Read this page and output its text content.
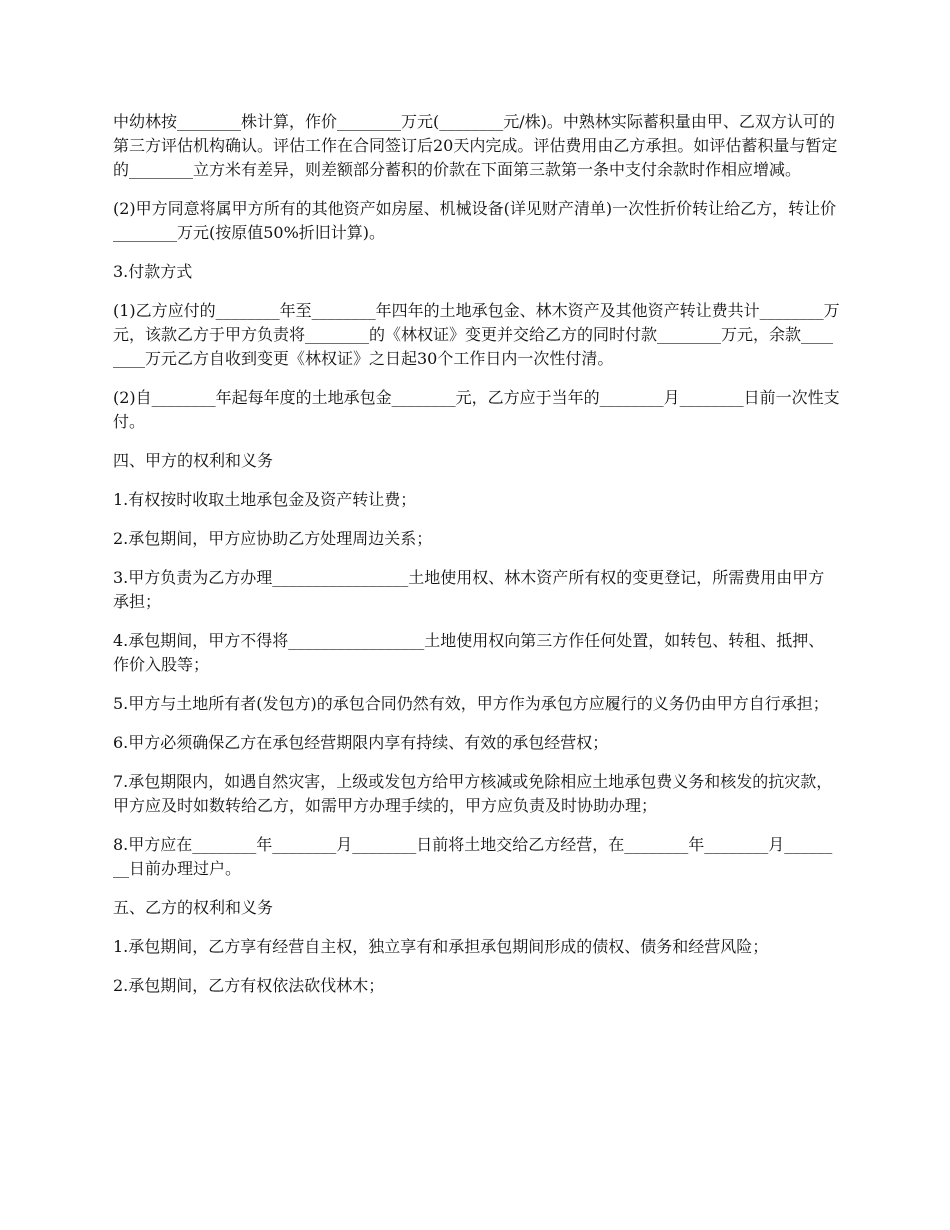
中幼林按________株计算，作价________万元(________元/株)。中熟林实际蓄积量由甲、乙双方认可的第三方评估机构确认。评估工作在合同签订后20天内完成。评估费用由乙方承担。如评估蓄积量与暂定的________立方米有差异，则差额部分蓄积的价款在下面第三款第一条中支付余款时作相应增减。

(2)甲方同意将属甲方所有的其他资产如房屋、机械设备(详见财产清单)一次性折价转让给乙方，转让价________万元(按原值50%折旧计算)。

3.付款方式

(1)乙方应付的________年至________年四年的土地承包金、林木资产及其他资产转让费共计________万元，该款乙方于甲方负责将________的《林权证》变更并交给乙方的同时付款________万元，余款________万元乙方自收到变更《林权证》之日起30个工作日内一次性付清。

(2)自________年起每年度的土地承包金________元，乙方应于当年的________月________日前一次性支付。

四、甲方的权利和义务

1.有权按时收取土地承包金及资产转让费；

2.承包期间，甲方应协助乙方处理周边关系；

3.甲方负责为乙方办理_________________土地使用权、林木资产所有权的变更登记，所需费用由甲方承担；

4.承包期间，甲方不得将_________________土地使用权向第三方作任何处置，如转包、转租、抵押、作价入股等；

5.甲方与土地所有者(发包方)的承包合同仍然有效，甲方作为承包方应履行的义务仍由甲方自行承担；

6.甲方必须确保乙方在承包经营期限内享有持续、有效的承包经营权；

7.承包期限内，如遇自然灾害，上级或发包方给甲方核减或免除相应土地承包费义务和核发的抗灾款，甲方应及时如数转给乙方，如需甲方办理手续的，甲方应负责及时协助办理；

8.甲方应在________年________月________日前将土地交给乙方经营，在________年________月________日前办理过户。

五、乙方的权利和义务

1.承包期间，乙方享有经营自主权，独立享有和承担承包期间形成的债权、债务和经营风险；

2.承包期间，乙方有权依法砍伐林木；
